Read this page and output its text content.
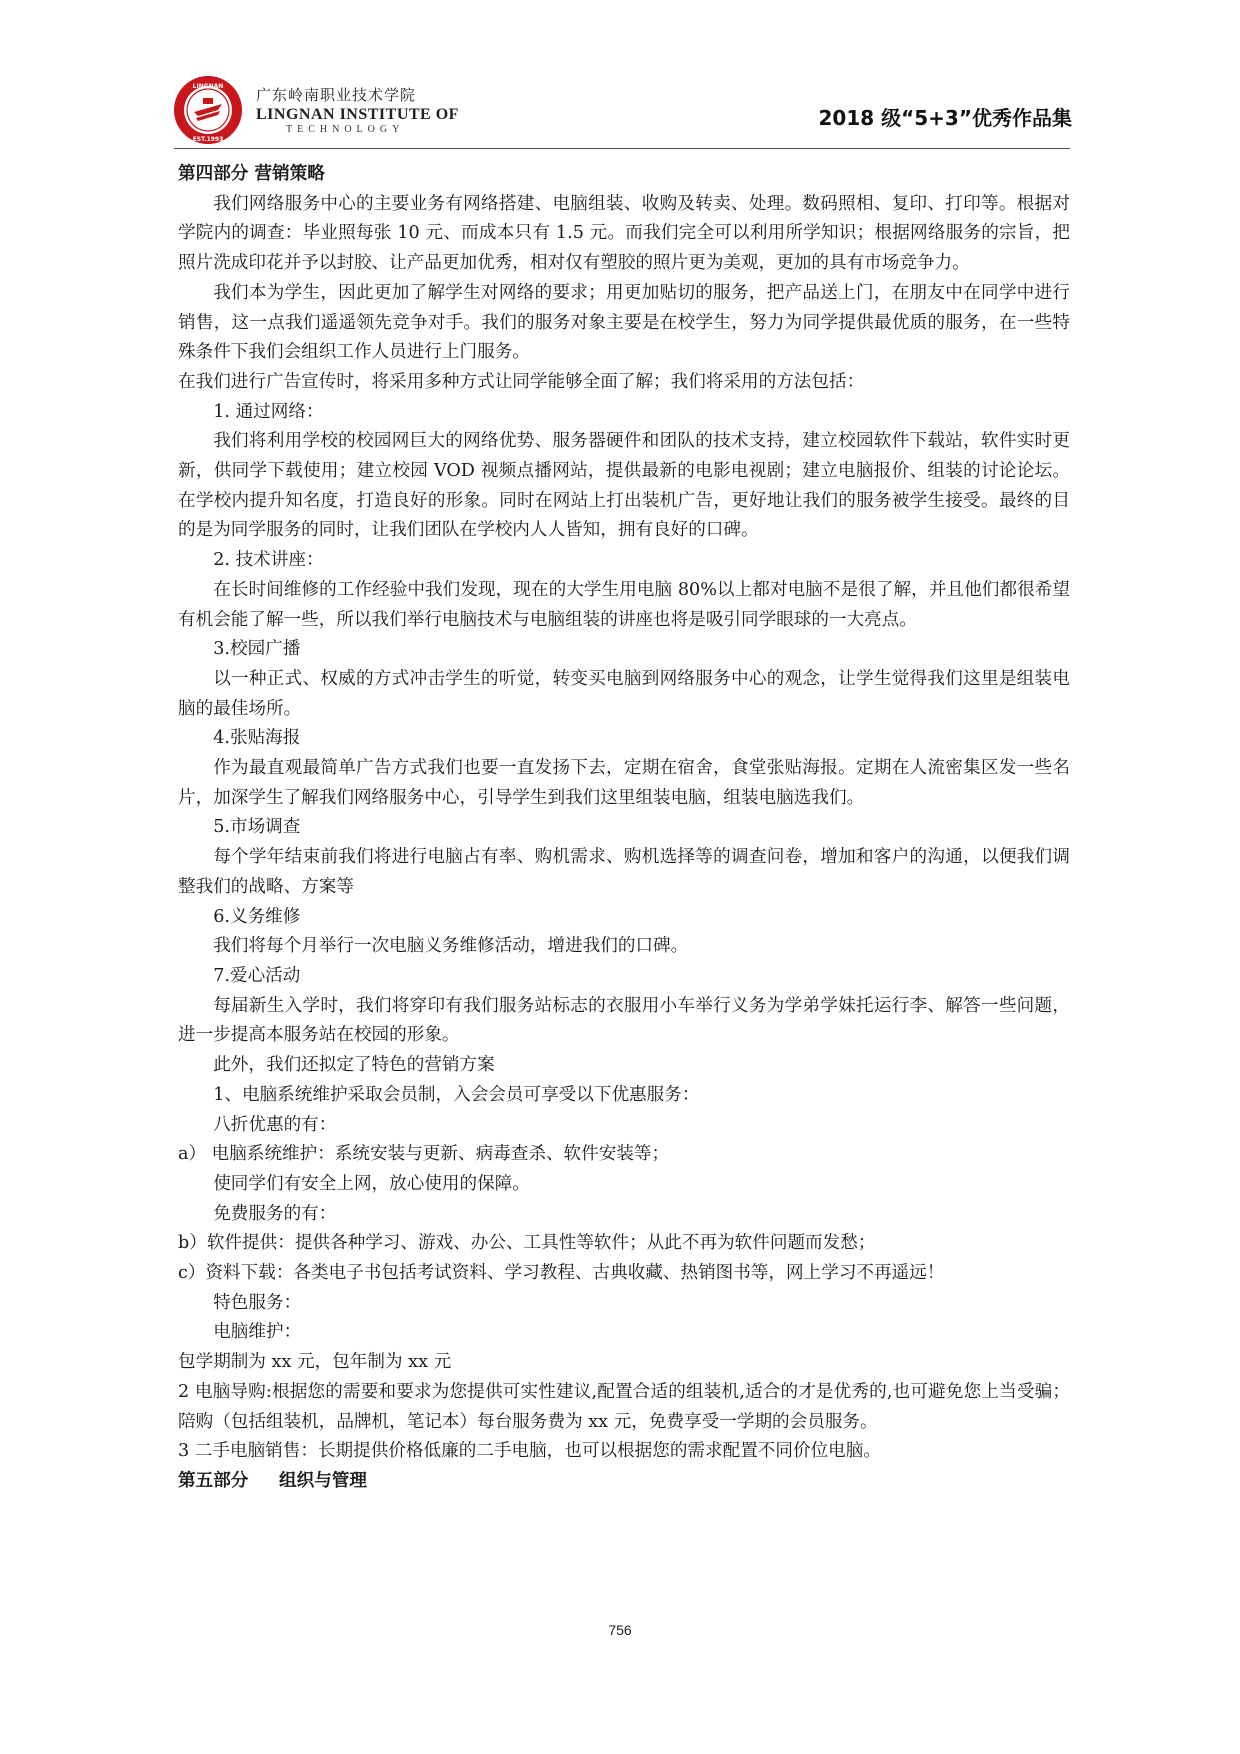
LINGNAN
EST.1993
广东岭南职业技术学院
LINGNAN INSTITUTE OF
TECHNOLOGY	2018 级“5+3”优秀作品集

第四部分 营销策略

我们网络服务中心的主要业务有网络搭建、电脑组装、收购及转卖、处理。数码照相、复印、打印等。根据对学院内的调查：毕业照每张 10 元、而成本只有 1.5 元。而我们完全可以利用所学知识；根据网络服务的宗旨，把照片洗成印花并予以封胶、让产品更加优秀，相对仅有塑胶的照片更为美观，更加的具有市场竞争力。

我们本为学生，因此更加了解学生对网络的要求；用更加贴切的服务，把产品送上门，在朋友中在同学中进行销售，这一点我们遥遥领先竞争对手。我们的服务对象主要是在校学生，努力为同学提供最优质的服务，在一些特殊条件下我们会组织工作人员进行上门服务。

在我们进行广告宣传时，将采用多种方式让同学能够全面了解；我们将采用的方法包括：

1. 通过网络：

我们将利用学校的校园网巨大的网络优势、服务器硬件和团队的技术支持，建立校园软件下载站，软件实时更新，供同学下载使用；建立校园 VOD 视频点播网站，提供最新的电影电视剧；建立电脑报价、组装的讨论论坛。在学校内提升知名度，打造良好的形象。同时在网站上打出装机广告，更好地让我们的服务被学生接受。最终的目的是为同学服务的同时，让我们团队在学校内人人皆知，拥有良好的口碑。

2. 技术讲座：

在长时间维修的工作经验中我们发现，现在的大学生用电脑 80%以上都对电脑不是很了解，并且他们都很希望有机会能了解一些，所以我们举行电脑技术与电脑组装的讲座也将是吸引同学眼球的一大亮点。

3.校园广播

以一种正式、权威的方式冲击学生的听觉，转变买电脑到网络服务中心的观念，让学生觉得我们这里是组装电脑的最佳场所。

4.张贴海报

作为最直观最简单广告方式我们也要一直发扬下去，定期在宿舍，食堂张贴海报。定期在人流密集区发一些名片，加深学生了解我们网络服务中心，引导学生到我们这里组装电脑，组装电脑选我们。

5.市场调查

每个学年结束前我们将进行电脑占有率、购机需求、购机选择等的调查问卷，增加和客户的沟通，以便我们调整我们的战略、方案等

6.义务维修

我们将每个月举行一次电脑义务维修活动，增进我们的口碑。

7.爱心活动

每届新生入学时，我们将穿印有我们服务站标志的衣服用小车举行义务为学弟学妹托运行李、解答一些问题，进一步提高本服务站在校园的形象。

此外，我们还拟定了特色的营销方案

1、电脑系统维护采取会员制，入会会员可享受以下优惠服务：

八折优惠的有：

a） 电脑系统维护：系统安装与更新、病毒查杀、软件安装等；

使同学们有安全上网，放心使用的保障。

免费服务的有：

b）软件提供：提供各种学习、游戏、办公、工具性等软件；从此不再为软件问题而发愁；

c）资料下载：各类电子书包括考试资料、学习教程、古典收藏、热销图书等，网上学习不再遥远！

特色服务：

电脑维护：

包学期制为 xx 元，包年制为 xx 元

2 电脑导购:根据您的需要和要求为您提供可实性建议,配置合适的组装机,适合的才是优秀的,也可避免您上当受骗；陪购（包括组装机，品牌机，笔记本）每台服务费为 xx 元，免费享受一学期的会员服务。

3 二手电脑销售：长期提供价格低廉的二手电脑，也可以根据您的需求配置不同价位电脑。

第五部分     组织与管理

756
